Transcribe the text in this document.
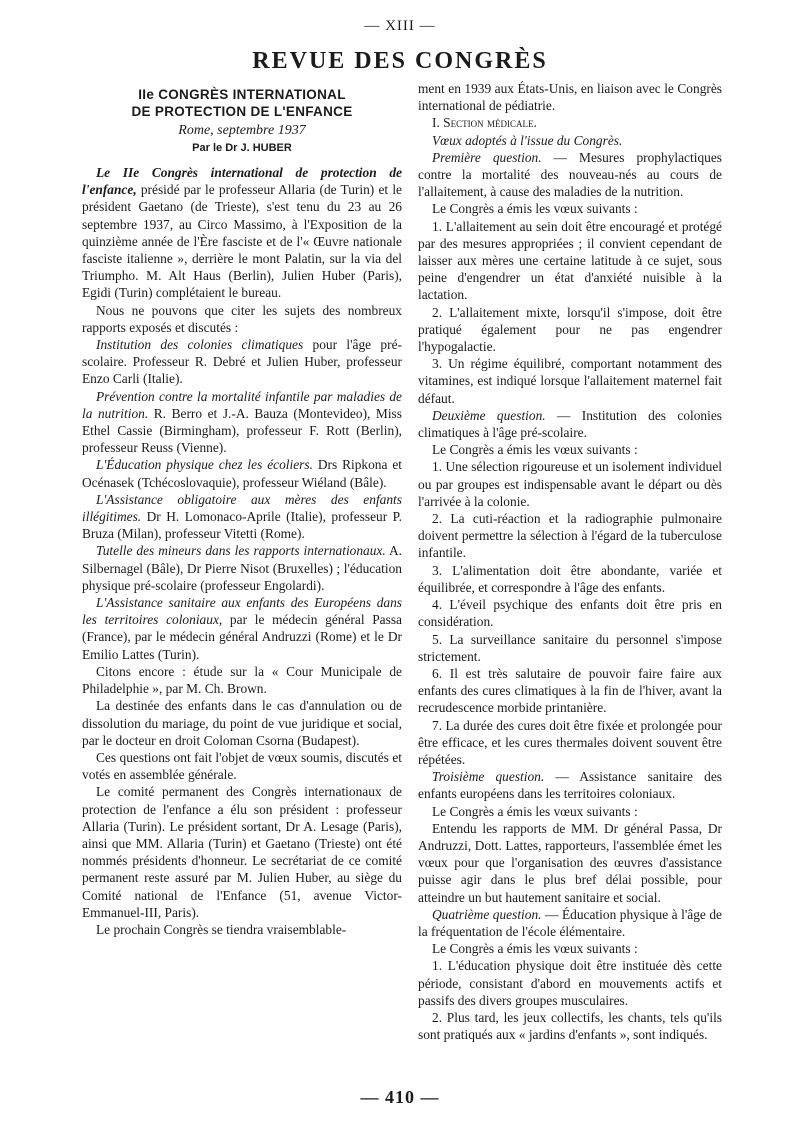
— XIII —
REVUE DES CONGRÈS
IIe CONGRÈS INTERNATIONAL
DE PROTECTION DE L'ENFANCE
Rome, septembre 1937
Par le Dr J. HUBER

Le IIe Congrès international de protection de l'enfance, présidé par le professeur Allaria (de Turin) et le président Gaetano (de Trieste), s'est tenu du 23 au 26 septembre 1937, au Circo Massimo, à l'Exposition de la quinzième année de l'Ère fasciste et de l'« Œuvre nationale fasciste italienne », derrière le mont Palatin, sur la via del Triumpho. M. Alt Haus (Berlin), Julien Huber (Paris), Egidi (Turin) complétaient le bureau.

Nous ne pouvons que citer les sujets des nombreux rapports exposés et discutés :

Institution des colonies climatiques pour l'âge pré-scolaire. Professeur R. Debré et Julien Huber, professeur Enzo Carli (Italie).

Prévention contre la mortalité infantile par maladies de la nutrition. R. Berro et J.-A. Bauza (Montevideo), Miss Ethel Cassie (Birmingham), professeur F. Rott (Berlin), professeur Reuss (Vienne).

L'Éducation physique chez les écoliers. Drs Ripkona et Océnasek (Tchécoslovaquie), professeur Wiéland (Bâle).

L'Assistance obligatoire aux mères des enfants illégitimes. Dr H. Lomonaco-Aprile (Italie), professeur P. Bruza (Milan), professeur Vitetti (Rome).

Tutelle des mineurs dans les rapports internationaux. A. Silbernagel (Bâle), Dr Pierre Nisot (Bruxelles) ; l'éducation physique pré-scolaire (professeur Engolardi).

L'Assistance sanitaire aux enfants des Européens dans les territoires coloniaux, par le médecin général Passa (France), par le médecin général Andruzzi (Rome) et le Dr Emilio Lattes (Turin).

Citons encore : étude sur la « Cour Municipale de Philadelphie », par M. Ch. Brown.

La destinée des enfants dans le cas d'annulation ou de dissolution du mariage, du point de vue juridique et social, par le docteur en droit Coloman Csorna (Budapest).

Ces questions ont fait l'objet de vœux soumis, discutés et votés en assemblée générale.

Le comité permanent des Congrès internationaux de protection de l'enfance a élu son président : professeur Allaria (Turin). Le président sortant, Dr A. Lesage (Paris), ainsi que MM. Allaria (Turin) et Gaetano (Trieste) ont été nommés présidents d'honneur. Le secrétariat de ce comité permanent reste assuré par M. Julien Huber, au siège du Comité national de l'Enfance (51, avenue Victor-Emmanuel-III, Paris).

Le prochain Congrès se tiendra vraisemblable-

ment en 1939 aux États-Unis, en liaison avec le Congrès international de pédiatrie.

I. Section médicale.

Vœux adoptés à l'issue du Congrès.

Première question. — Mesures prophylactiques contre la mortalité des nouveau-nés au cours de l'allaitement, à cause des maladies de la nutrition.

Le Congrès a émis les vœux suivants :

1. L'allaitement au sein doit être encouragé et protégé par des mesures appropriées ; il convient cependant de laisser aux mères une certaine latitude à ce sujet, sous peine d'engendrer un état d'anxiété nuisible à la lactation.

2. L'allaitement mixte, lorsqu'il s'impose, doit être pratiqué également pour ne pas engendrer l'hypogalactie.

3. Un régime équilibré, comportant notamment des vitamines, est indiqué lorsque l'allaitement maternel fait défaut.

Deuxième question. — Institution des colonies climatiques à l'âge pré-scolaire.

Le Congrès a émis les vœux suivants :

1. Une sélection rigoureuse et un isolement individuel ou par groupes est indispensable avant le départ ou dès l'arrivée à la colonie.

2. La cuti-réaction et la radiographie pulmonaire doivent permettre la sélection à l'égard de la tuberculose infantile.

3. L'alimentation doit être abondante, variée et équilibrée, et correspondre à l'âge des enfants.

4. L'éveil psychique des enfants doit être pris en considération.

5. La surveillance sanitaire du personnel s'impose strictement.

6. Il est très salutaire de pouvoir faire faire aux enfants des cures climatiques à la fin de l'hiver, avant la recrudescence morbide printanière.

7. La durée des cures doit être fixée et prolongée pour être efficace, et les cures thermales doivent souvent être répétées.

Troisième question. — Assistance sanitaire des enfants européens dans les territoires coloniaux.

Le Congrès a émis les vœux suivants :

Entendu les rapports de MM. Dr général Passa, Dr Andruzzi, Dott. Lattes, rapporteurs, l'assemblée émet les vœux pour que l'organisation des œuvres d'assistance puisse agir dans le plus bref délai possible, pour atteindre un but hautement sanitaire et social.

Quatrième question. — Éducation physique à l'âge de la fréquentation de l'école élémentaire.

Le Congrès a émis les vœux suivants :

1. L'éducation physique doit être instituée dès cette période, consistant d'abord en mouvements actifs et passifs des divers groupes musculaires.

2. Plus tard, les jeux collectifs, les chants, tels qu'ils sont pratiqués aux « jardins d'enfants », sont indiqués.

— 410 —
